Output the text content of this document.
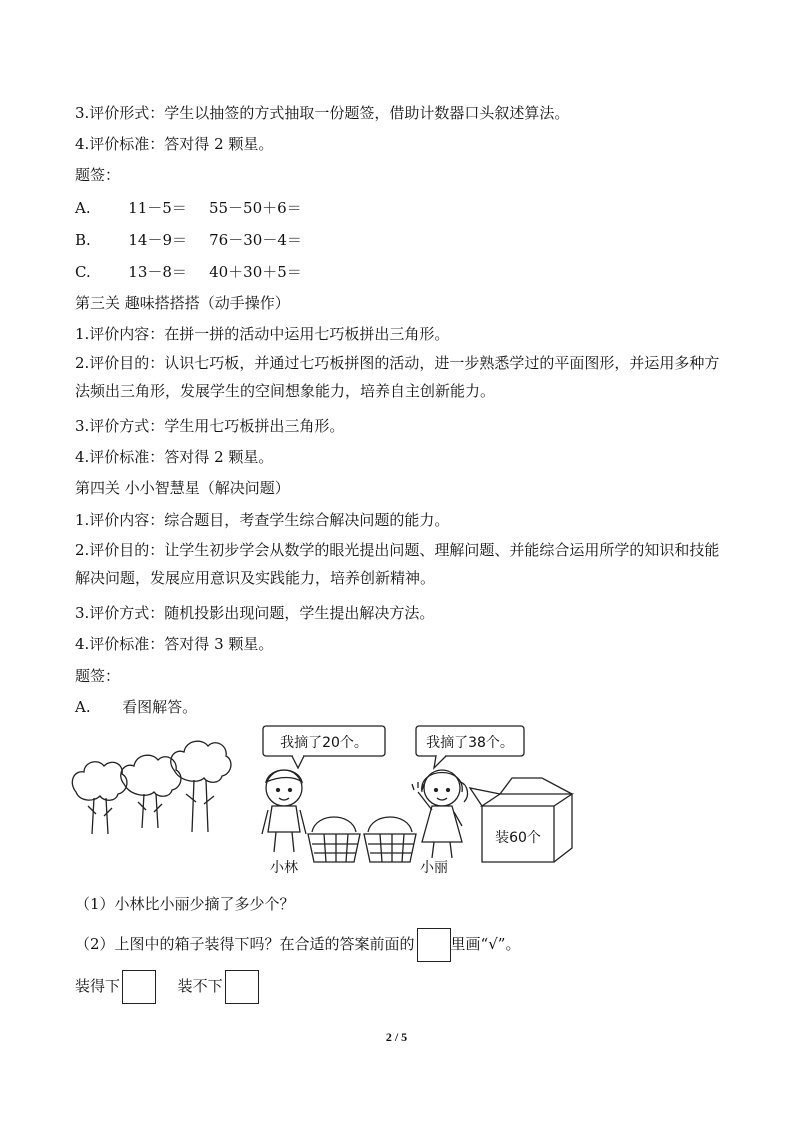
3.评价形式：学生以抽签的方式抽取一份题签，借助计数器口头叙述算法。
4.评价标准：答对得 2 颗星。
题签：
A.	11－5＝ 55－50＋6＝
B.	14－9＝ 76－30－4＝
C.	13－8＝ 40＋30＋5＝
第三关 趣味搭搭搭（动手操作）
1.评价内容：在拼一拼的活动中运用七巧板拼出三角形。
2.评价目的：认识七巧板，并通过七巧板拼图的活动，进一步熟悉学过的平面图形，并运用多种方法频出三角形，发展学生的空间想象能力，培养自主创新能力。
3.评价方式：学生用七巧板拼出三角形。
4.评价标准：答对得 2 颗星。
第四关 小小智慧星（解决问题）
1.评价内容：综合题目，考查学生综合解决问题的能力。
2.评价目的：让学生初步学会从数学的眼光提出问题、理解问题、并能综合运用所学的知识和技能解决问题，发展应用意识及实践能力，培养创新精神。
3.评价方式：随机投影出现问题，学生提出解决方法。
4.评价标准：答对得 3 颗星。
题签：
A. 看图解答。
我摘了20个。
小林
我摘了38个。
小丽
装60个
（1）小林比小丽少摘了多少个？
（2）上图中的箱子装得下吗？在合适的答案前面的 里画“√”。
装得下	装不下
2 / 5
